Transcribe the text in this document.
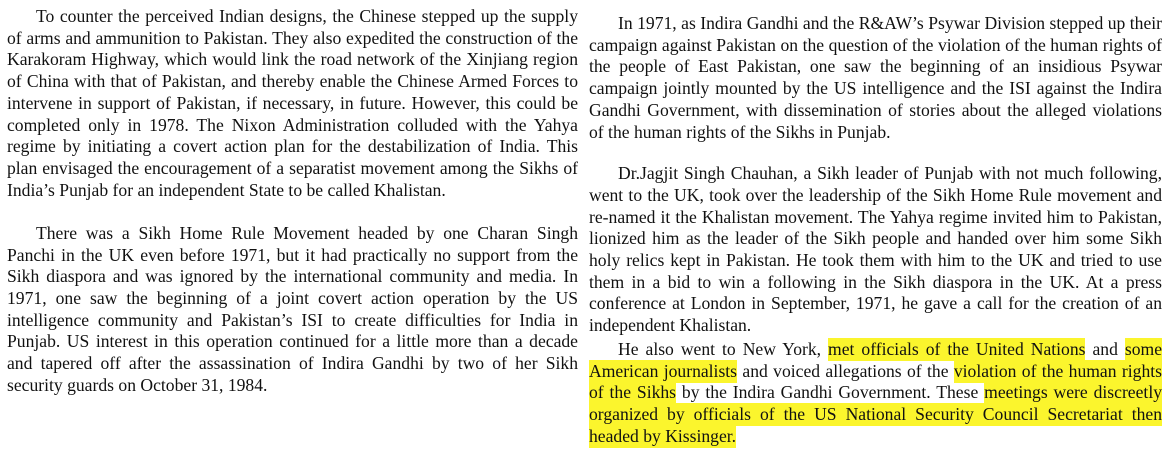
To counter the perceived Indian designs, the Chinese stepped up the supply of arms and ammunition to Pakistan. They also expedited the construction of the Karakoram Highway, which would link the road network of the Xinjiang region of China with that of Pakistan, and thereby enable the Chinese Armed Forces to intervene in support of Pakistan, if necessary, in future. However, this could be completed only in 1978. The Nixon Administration colluded with the Yahya regime by initiating a covert action plan for the destabilization of India. This plan envisaged the encouragement of a separatist movement among the Sikhs of India’s Punjab for an independent State to be called Khalistan.

There was a Sikh Home Rule Movement headed by one Charan Singh Panchi in the UK even before 1971, but it had practically no support from the Sikh diaspora and was ignored by the international community and media. In 1971, one saw the beginning of a joint covert action operation by the US intelligence community and Pakistan’s ISI to create difficulties for India in Punjab. US interest in this operation continued for a little more than a decade and tapered off after the assassination of Indira Gandhi by two of her Sikh security guards on October 31, 1984.

In 1971, as Indira Gandhi and the R&AW’s Psywar Division stepped up their campaign against Pakistan on the question of the violation of the human rights of the people of East Pakistan, one saw the beginning of an insidious Psywar campaign jointly mounted by the US intelligence and the ISI against the Indira Gandhi Government, with dissemination of stories about the alleged violations of the human rights of the Sikhs in Punjab.

Dr.Jagjit Singh Chauhan, a Sikh leader of Punjab with not much following, went to the UK, took over the leadership of the Sikh Home Rule movement and re-named it the Khalistan movement. The Yahya regime invited him to Pakistan, lionized him as the leader of the Sikh people and handed over him some Sikh holy relics kept in Pakistan. He took them with him to the UK and tried to use them in a bid to win a following in the Sikh diaspora in the UK. At a press conference at London in September, 1971, he gave a call for the creation of an independent Khalistan.

He also went to New York, met officials of the United Nations and some American journalists and voiced allegations of the violation of the human rights of the Sikhs by the Indira Gandhi Government. These meetings were discreetly organized by officials of the US National Security Council Secretariat then headed by Kissinger.
